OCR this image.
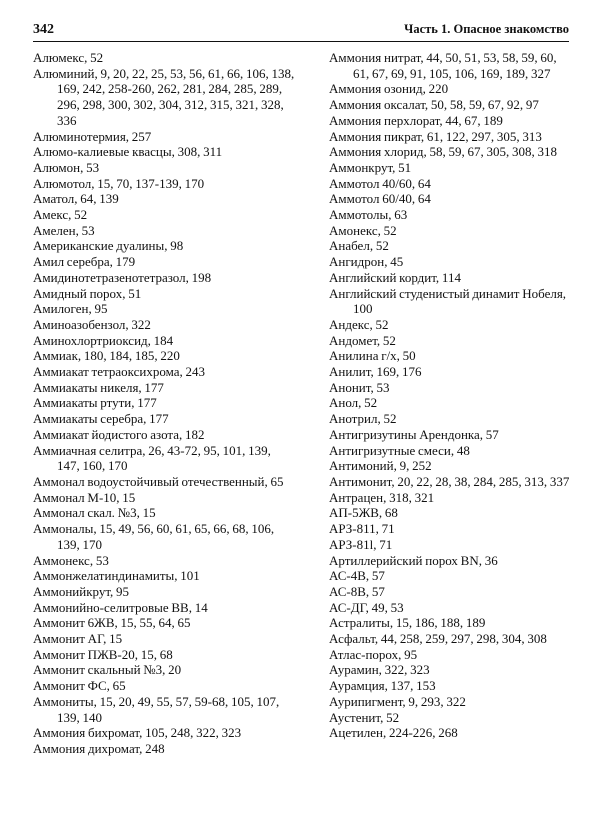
342	Часть 1. Опасное знакомство
Алюмекс, 52
Алюминий, 9, 20, 22, 25, 53, 56, 61, 66, 106, 138, 169, 242, 258-260, 262, 281, 284, 285, 289, 296, 298, 300, 302, 304, 312, 315, 321, 328, 336
Алюминотермия, 257
Алюмо-калиевые квасцы, 308, 311
Алюмон, 53
Алюмотол, 15, 70, 137-139, 170
Аматол, 64, 139
Амекс, 52
Амелен, 53
Американские дуалины, 98
Амил серебра, 179
Амидинотетразенотетразол, 198
Амидный порох, 51
Амилоген, 95
Аминоазобензол, 322
Аминохлортриоксид, 184
Аммиак, 180, 184, 185, 220
Аммиакат тетраоксихрома, 243
Аммиакаты никеля, 177
Аммиакаты ртути, 177
Аммиакаты серебра, 177
Аммиакат йодистого азота, 182
Аммиачная селитра, 26, 43-72, 95, 101, 139, 147, 160, 170
Аммонал водоустойчивый отечественный, 65
Аммонал М-10, 15
Аммонал скал. №3, 15
Аммоналы, 15, 49, 56, 60, 61, 65, 66, 68, 106, 139, 170
Аммонекс, 53
Аммонжелатиндинамиты, 101
Аммонийкрут, 95
Аммонийно-селитровые ВВ, 14
Аммонит 6ЖВ, 15, 55, 64, 65
Аммонит АГ, 15
Аммонит ПЖВ-20, 15, 68
Аммонит скальный №3, 20
Аммонит ФС, 65
Аммониты, 15, 20, 49, 55, 57, 59-68, 105, 107, 139, 140
Аммония бихромат, 105, 248, 322, 323
Аммония дихромат, 248
Аммония нитрат, 44, 50, 51, 53, 58, 59, 60, 61, 67, 69, 91, 105, 106, 169, 189, 327
Аммония озонид, 220
Аммония оксалат, 50, 58, 59, 67, 92, 97
Аммония перхлорат, 44, 67, 189
Аммония пикрат, 61, 122, 297, 305, 313
Аммония хлорид, 58, 59, 67, 305, 308, 318
Аммонкрут, 51
Аммотол 40/60, 64
Аммотол 60/40, 64
Аммотолы, 63
Амонекс, 52
Анабел, 52
Ангидрон, 45
Английский кордит, 114
Английский студенистый динамит Нобеля, 100
Андекс, 52
Андомет, 52
Анилина г/х, 50
Анилит, 169, 176
Анонит, 53
Анол, 52
Анотрил, 52
Антигризутины Арендонка, 57
Антигризутные смеси, 48
Антимоний, 9, 252
Антимонит, 20, 22, 28, 38, 284, 285, 313, 337
Антрацен, 318, 321
АП-5ЖВ, 68
АРЗ-811, 71
АРЗ-81l, 71
Артиллерийский порох BN, 36
АС-4В, 57
АС-8В, 57
АС-ДГ, 49, 53
Астралиты, 15, 186, 188, 189
Асфальт, 44, 258, 259, 297, 298, 304, 308
Атлас-порох, 95
Аурамин, 322, 323
Аурамция, 137, 153
Аурипигмент, 9, 293, 322
Аустенит, 52
Ацетилен, 224-226, 268
